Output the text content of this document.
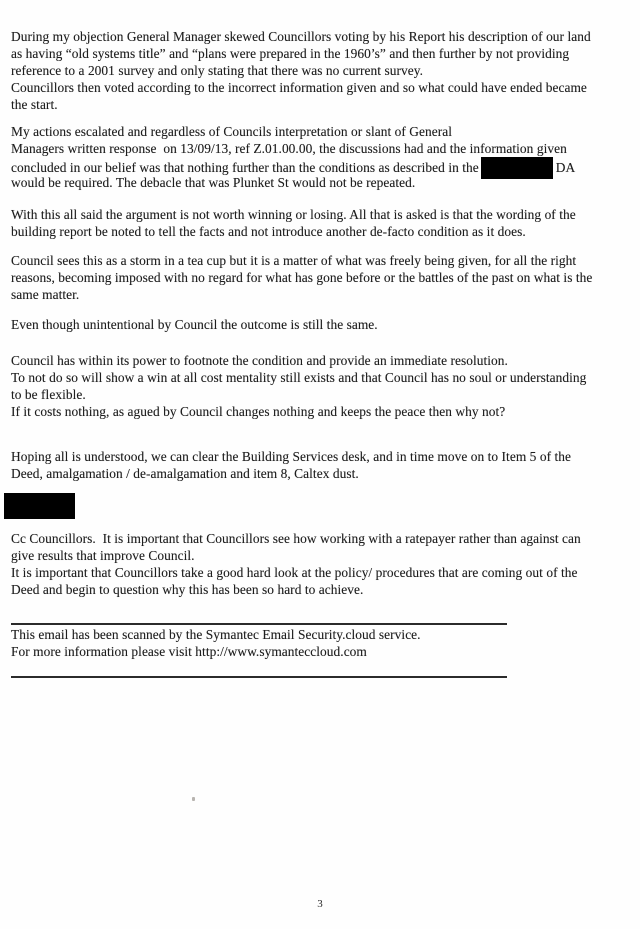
During my objection General Manager skewed Councillors voting by his Report his description of our land
as having “old systems title” and “plans were prepared in the 1960’s” and then further by not providing
reference to a 2001 survey and only stating that there was no current survey.
Councillors then voted according to the incorrect information given and so what could have ended became
the start.
My actions escalated and regardless of Councils interpretation or slant of General
Managers written response  on 13/09/13, ref Z.01.00.00, the discussions had and the information given
concluded in our belief was that nothing further than the conditions as described in the	DA
would be required. The debacle that was Plunket St would not be repeated.
With this all said the argument is not worth winning or losing. All that is asked is that the wording of the
building report be noted to tell the facts and not introduce another de-facto condition as it does.
Council sees this as a storm in a tea cup but it is a matter of what was freely being given, for all the right
reasons, becoming imposed with no regard for what has gone before or the battles of the past on what is the
same matter.
Even though unintentional by Council the outcome is still the same.
Council has within its power to footnote the condition and provide an immediate resolution.
To not do so will show a win at all cost mentality still exists and that Council has no soul or understanding
to be flexible.
If it costs nothing, as agued by Council changes nothing and keeps the peace then why not?
Hoping all is understood, we can clear the Building Services desk, and in time move on to Item 5 of the
Deed, amalgamation / de-amalgamation and item 8, Caltex dust.
Cc Councillors.  It is important that Councillors see how working with a ratepayer rather than against can
give results that improve Council.
It is important that Councillors take a good hard look at the policy/ procedures that are coming out of the
Deed and begin to question why this has been so hard to achieve.
This email has been scanned by the Symantec Email Security.cloud service.
For more information please visit http://www.symanteccloud.com
3
